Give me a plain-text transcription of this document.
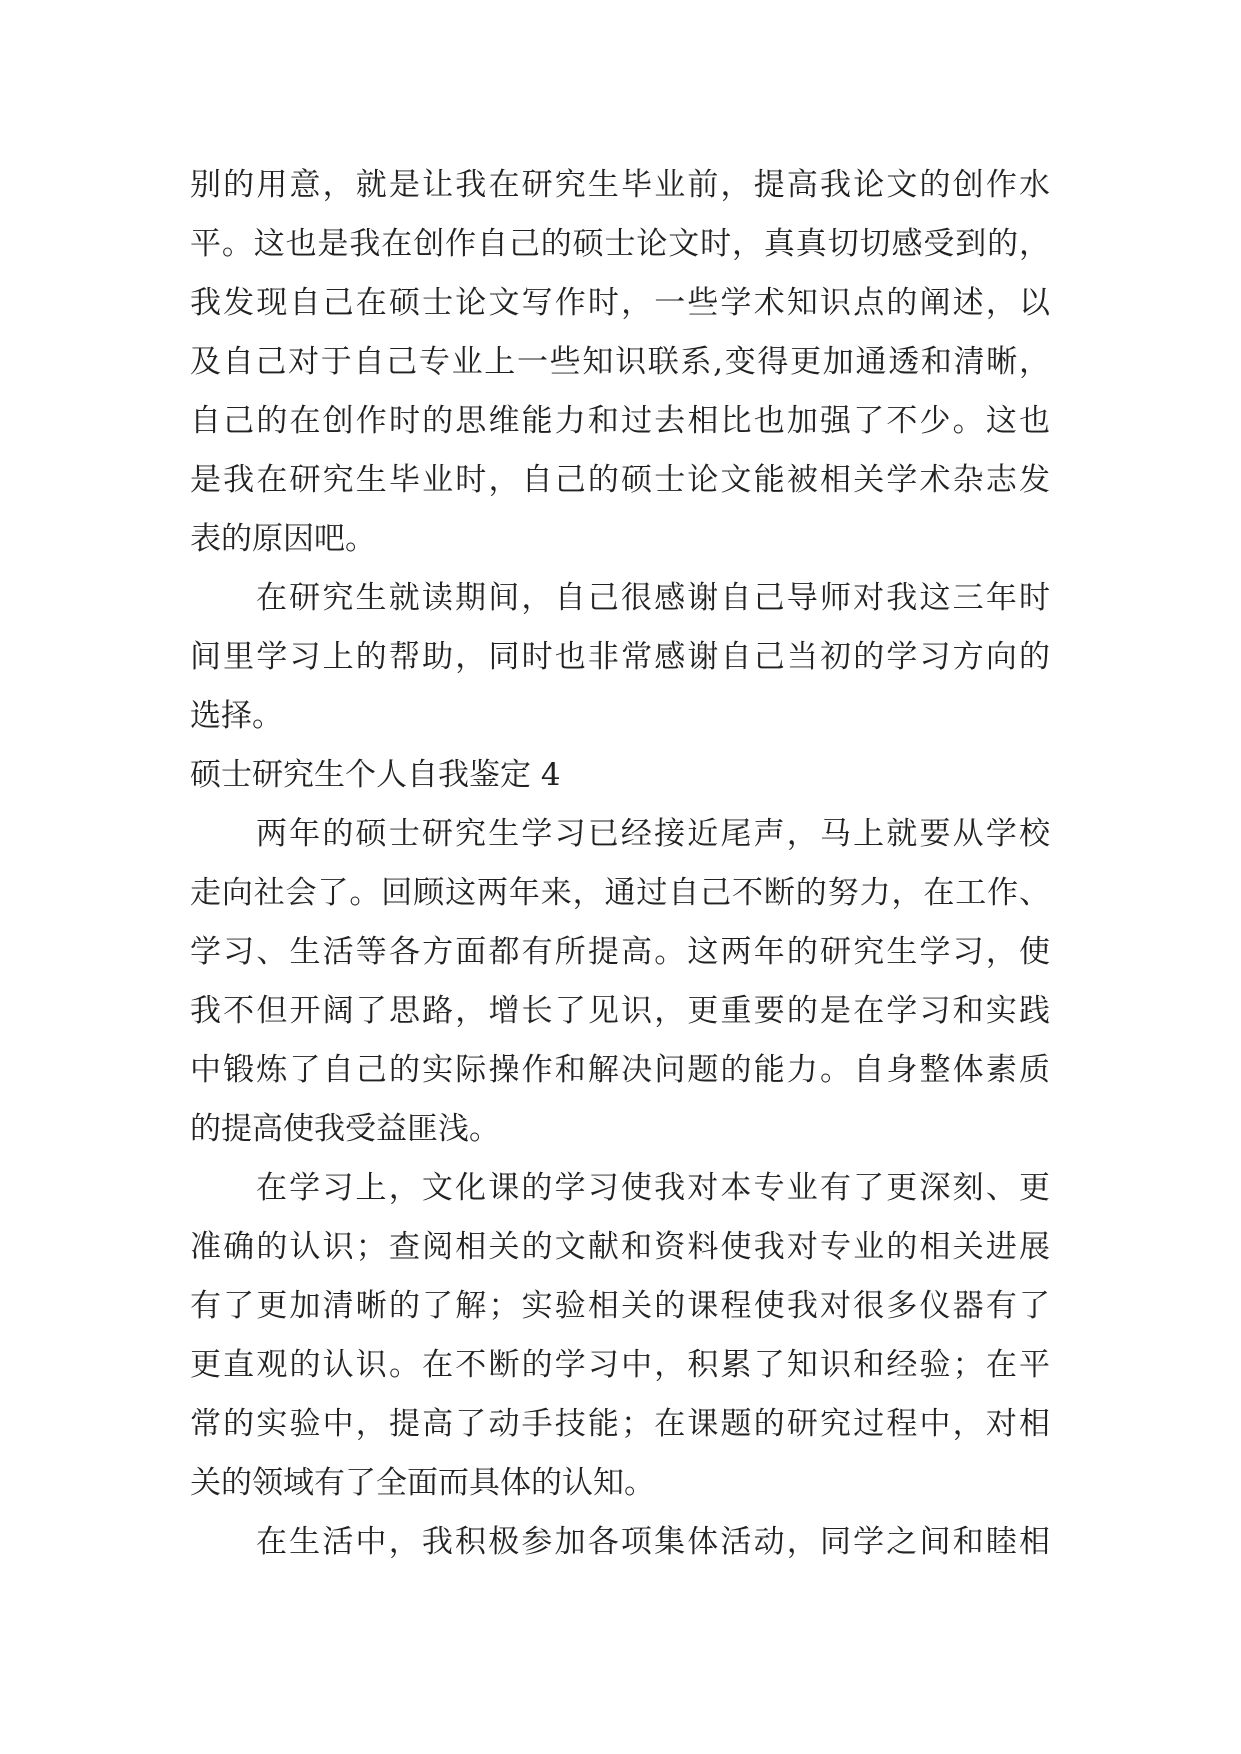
别的用意，就是让我在研究生毕业前，提高我论文的创作水
平。这也是我在创作自己的硕士论文时，真真切切感受到的，
我发现自己在硕士论文写作时，一些学术知识点的阐述，以
及自己对于自己专业上一些知识联系,变得更加通透和清晰，
自己的在创作时的思维能力和过去相比也加强了不少。这也
是我在研究生毕业时，自己的硕士论文能被相关学术杂志发
表的原因吧。
在研究生就读期间，自己很感谢自己导师对我这三年时
间里学习上的帮助，同时也非常感谢自己当初的学习方向的
选择。
硕士研究生个人自我鉴定 4
两年的硕士研究生学习已经接近尾声，马上就要从学校
走向社会了。回顾这两年来，通过自己不断的努力，在工作、
学习、生活等各方面都有所提高。这两年的研究生学习，使
我不但开阔了思路，增长了见识，更重要的是在学习和实践
中锻炼了自己的实际操作和解决问题的能力。自身整体素质
的提高使我受益匪浅。
在学习上，文化课的学习使我对本专业有了更深刻、更
准确的认识；查阅相关的文献和资料使我对专业的相关进展
有了更加清晰的了解；实验相关的课程使我对很多仪器有了
更直观的认识。在不断的学习中，积累了知识和经验；在平
常的实验中，提高了动手技能；在课题的研究过程中，对相
关的领域有了全面而具体的认知。
在生活中，我积极参加各项集体活动，同学之间和睦相
